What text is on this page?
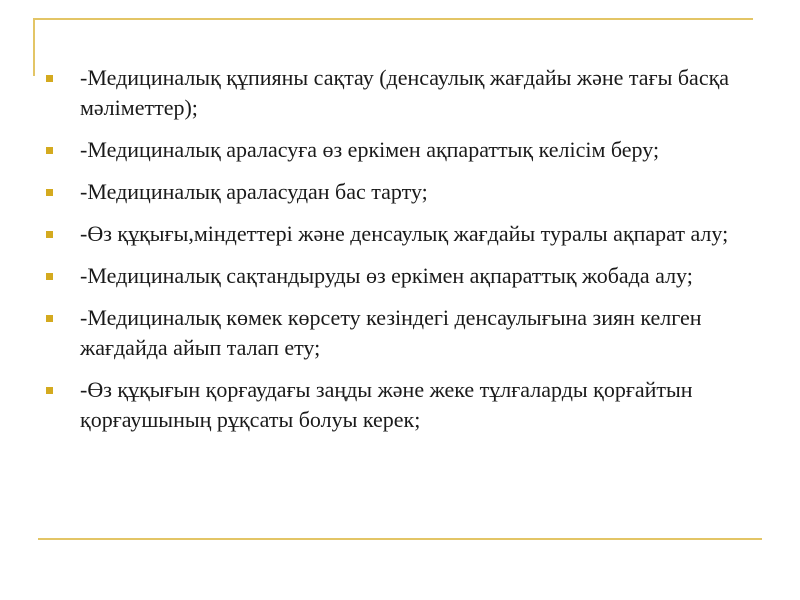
-Медициналық құпияны сақтау (денсаулық жағдайы және тағы басқа мәліметтер);
-Медициналық араласуға өз еркімен ақпараттық келісім беру;
-Медициналық араласудан бас тарту;
-Өз құқығы,міндеттері және денсаулық жағдайы туралы ақпарат алу;
-Медициналық сақтандыруды өз еркімен ақпараттық жобада алу;
-Медициналық көмек көрсету кезіндегі денсаулығына зиян келген жағдайда айып талап ету;
-Өз құқығын қорғаудағы заңды және жеке тұлғаларды қорғайтын қорғаушының рұқсаты болуы керек;
